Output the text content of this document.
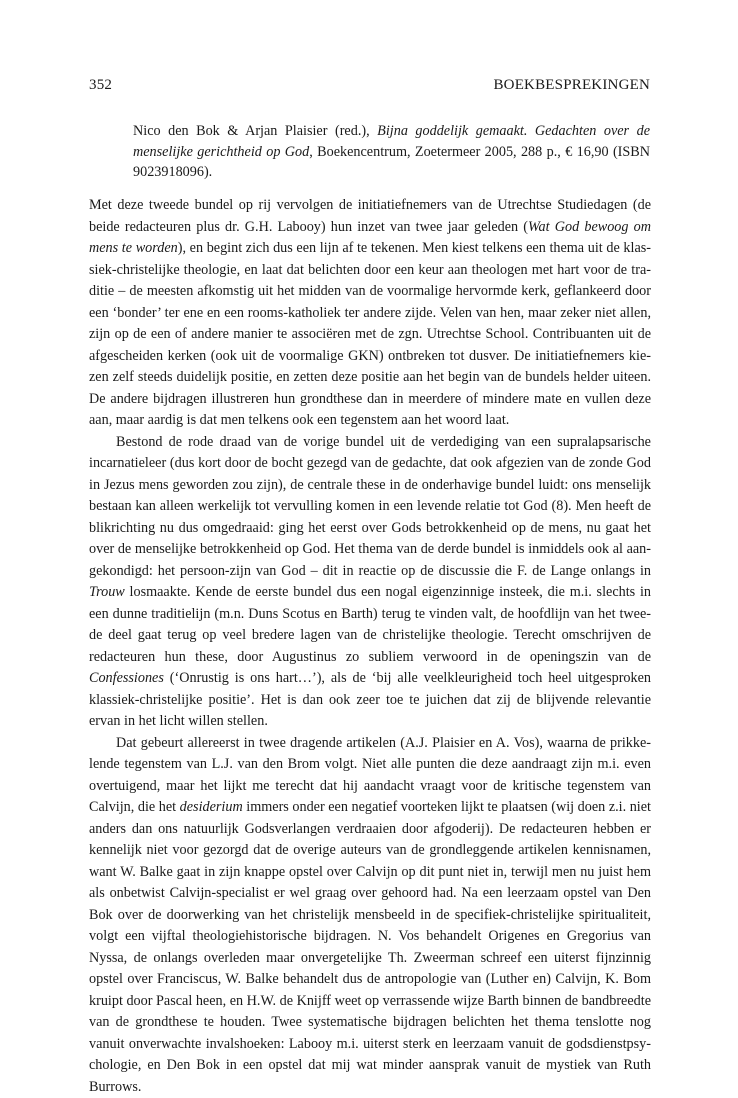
352	BOEKBESPREKINGEN
Nico den Bok & Arjan Plaisier (red.), Bijna goddelijk gemaakt. Gedachten over de menselijke gerichtheid op God, Boekencentrum, Zoetermeer 2005, 288 p., € 16,90 (ISBN 9023918096).

Met deze tweede bundel op rij vervolgen de initiatiefnemers van de Utrechtse Studiedagen (de beide redacteuren plus dr. G.H. Labooy) hun inzet van twee jaar geleden (Wat God bewoog om mens te worden), en begint zich dus een lijn af te tekenen. Men kiest telkens een thema uit de klassiek-christelijke theologie, en laat dat belichten door een keur aan theologen met hart voor de traditie – de meesten afkomstig uit het midden van de voormalige hervormde kerk, geflankeerd door een ‘bonder’ ter ene en een rooms-katholiek ter andere zijde. Velen van hen, maar zeker niet allen, zijn op de een of andere manier te associëren met de zgn. Utrechtse School. Contribuanten uit de afgescheiden kerken (ook uit de voormalige GKN) ontbreken tot dusver. De initiatiefnemers kiezen zelf steeds duidelijk positie, en zetten deze positie aan het begin van de bundels helder uiteen. De andere bijdragen illustreren hun grondthese dan in meerdere of mindere mate en vullen deze aan, maar aardig is dat men telkens ook een tegenstem aan het woord laat.

Bestond de rode draad van de vorige bundel uit de verdediging van een supralapsarische incarnatieleer (dus kort door de bocht gezegd van de gedachte, dat ook afgezien van de zonde God in Jezus mens geworden zou zijn), de centrale these in de onderhavige bundel luidt: ons menselijk bestaan kan alleen werkelijk tot vervulling komen in een levende relatie tot God (8). Men heeft de blikrichting nu dus omgedraaid: ging het eerst over Gods betrokkenheid op de mens, nu gaat het over de menselijke betrokkenheid op God. Het thema van de derde bundel is inmiddels ook al aangekondigd: het persoon-zijn van God – dit in reactie op de discussie die F. de Lange onlangs in Trouw losmaakte. Kende de eerste bundel dus een nogal eigenzinnige insteek, die m.i. slechts in een dunne traditielijn (m.n. Duns Scotus en Barth) terug te vinden valt, de hoofdlijn van het tweede deel gaat terug op veel bredere lagen van de christelijke theologie. Terecht omschrijven de redacteuren hun these, door Augustinus zo subliem verwoord in de openingszin van de Confessiones (‘Onrustig is ons hart…’), als de ‘bij alle veelkleurigheid toch heel uitgesproken klassiek-christelijke positie’. Het is dan ook zeer toe te juichen dat zij de blijvende relevantie ervan in het licht willen stellen.

Dat gebeurt allereerst in twee dragende artikelen (A.J. Plaisier en A. Vos), waarna de prikkelende tegenstem van L.J. van den Brom volgt. Niet alle punten die deze aandraagt zijn m.i. even overtuigend, maar het lijkt me terecht dat hij aandacht vraagt voor de kritische tegenstem van Calvijn, die het desiderium immers onder een negatief voorteken lijkt te plaatsen (wij doen z.i. niet anders dan ons natuurlijk Godsverlangen verdraaien door afgoderij). De redacteuren hebben er kennelijk niet voor gezorgd dat de overige auteurs van de grondleggende artikelen kennisnamen, want W. Balke gaat in zijn knappe opstel over Calvijn op dit punt niet in, terwijl men nu juist hem als onbetwist Calvijn-specialist er wel graag over gehoord had. Na een leerzaam opstel van Den Bok over de doorwerking van het christelijk mensbeeld in de specifiek-christelijke spiritualiteit, volgt een vijftal theologiehistorische bijdragen. N. Vos behandelt Origenes en Gregorius van Nyssa, de onlangs overleden maar onvergetelijke Th. Zweerman schreef een uiterst fijnzinnig opstel over Franciscus, W. Balke behandelt dus de antropologie van (Luther en) Calvijn, K. Bom kruipt door Pascal heen, en H.W. de Knijff weet op verrassende wijze Barth binnen de bandbreedte van de grondthese te houden. Twee systematische bijdragen belichten het thema tenslotte nog vanuit onverwachte invalshoeken: Labooy m.i. uiterst sterk en leerzaam vanuit de godsdienstpsychologie, en Den Bok in een opstel dat mij wat minder aansprak vanuit de mystiek van Ruth Burrows.
